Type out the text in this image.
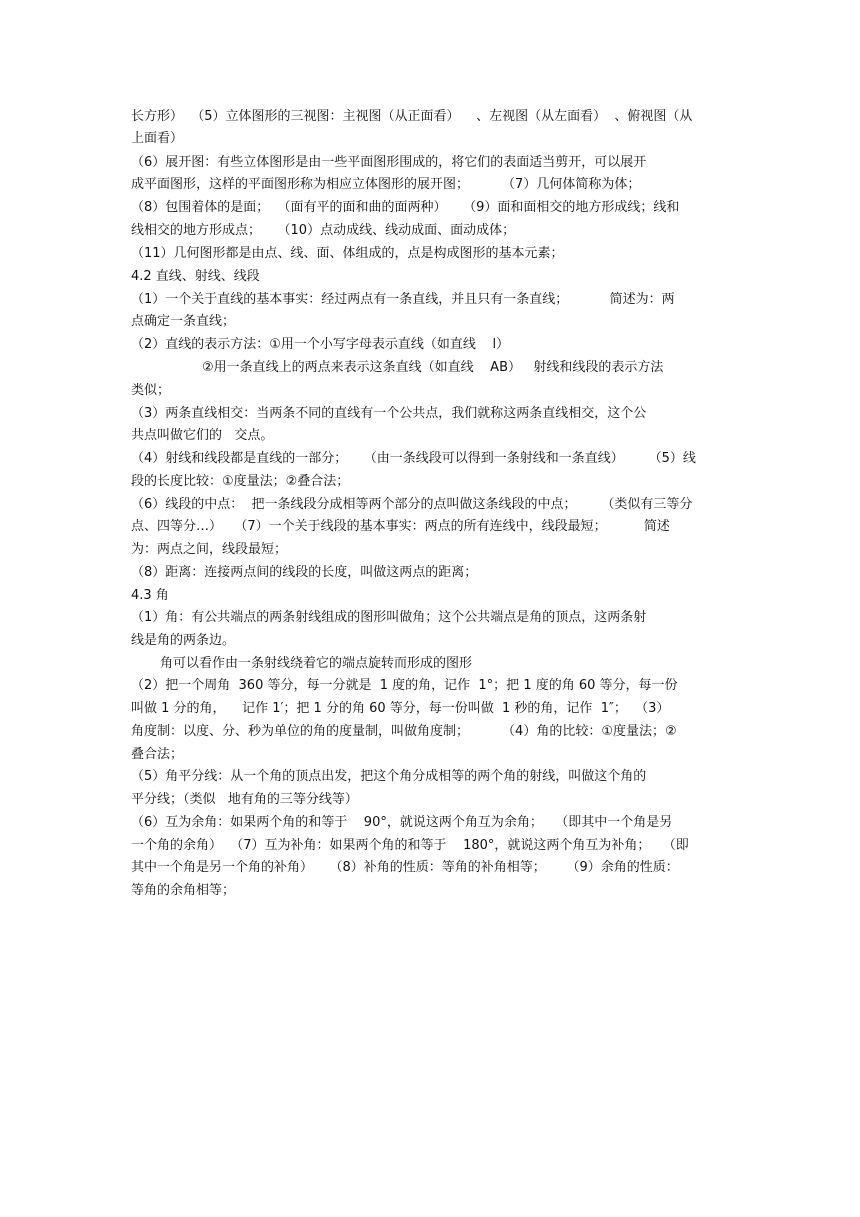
长方形）  （5）立体图形的三视图：主视图（从正面看）    、左视图（从左面看）  、俯视图（从
上面看）
（6）展开图：有些立体图形是由一些平面图形围成的，将它们的表面适当剪开，可以展开
成平面图形，这样的平面图形称为相应立体图形的展开图；        （7）几何体简称为体；
（8）包围着体的是面；  （面有平的面和曲的面两种）    （9）面和面相交的地方形成线；线和
线相交的地方形成点；    （10）点动成线、线动成面、面动成体；
（11）几何图形都是由点、线、面、体组成的，点是构成图形的基本元素；
4.2 直线、射线、线段
（1）一个关于直线的基本事实：经过两点有一条直线，并且只有一条直线；          简述为：两
点确定一条直线；
（2）直线的表示方法：①用一个小写字母表示直线（如直线    l）
②用一条直线上的两点来表示这条直线（如直线    AB）   射线和线段的表示方法
类似；
（3）两条直线相交：当两条不同的直线有一个公共点，我们就称这两条直线相交，这个公
共点叫做它们的   交点。
（4）射线和线段都是直线的一部分；    （由一条线段可以得到一条射线和一条直线）      （5）线
段的长度比较：①度量法；②叠合法；
（6）线段的中点：  把一条线段分成相等两个部分的点叫做这条线段的中点；      （类似有三等分
点、四等分…）   （7）一个关于线段的基本事实：两点的所有连线中，线段最短；         简述
为：两点之间，线段最短；
（8）距离：连接两点间的线段的长度，叫做这两点的距离；
4.3 角
（1）角：有公共端点的两条射线组成的图形叫做角；这个公共端点是角的顶点，这两条射
线是角的两条边。
角可以看作由一条射线绕着它的端点旋转而形成的图形
（2）把一个周角  360 等分，每一分就是  1 度的角，记作  1°；把 1 度的角 60 等分，每一份
叫做 1 分的角，    记作 1′；把 1 分的角 60 等分，每一份叫做  1 秒的角，记作  1″；  （3）
角度制：以度、分、秒为单位的角的度量制，叫做角度制；        （4）角的比较：①度量法；②
叠合法；
（5）角平分线：从一个角的顶点出发，把这个角分成相等的两个角的射线，叫做这个角的
平分线；（类似   地有角的三等分线等）
（6）互为余角：如果两个角的和等于    90°，就说这两个角互为余角；   （即其中一个角是另
一个角的余角）  （7）互为补角：如果两个角的和等于    180°，就说这两个角互为补角；   （即
其中一个角是另一个角的补角）    （8）补角的性质：等角的补角相等；     （9）余角的性质：
等角的余角相等；
